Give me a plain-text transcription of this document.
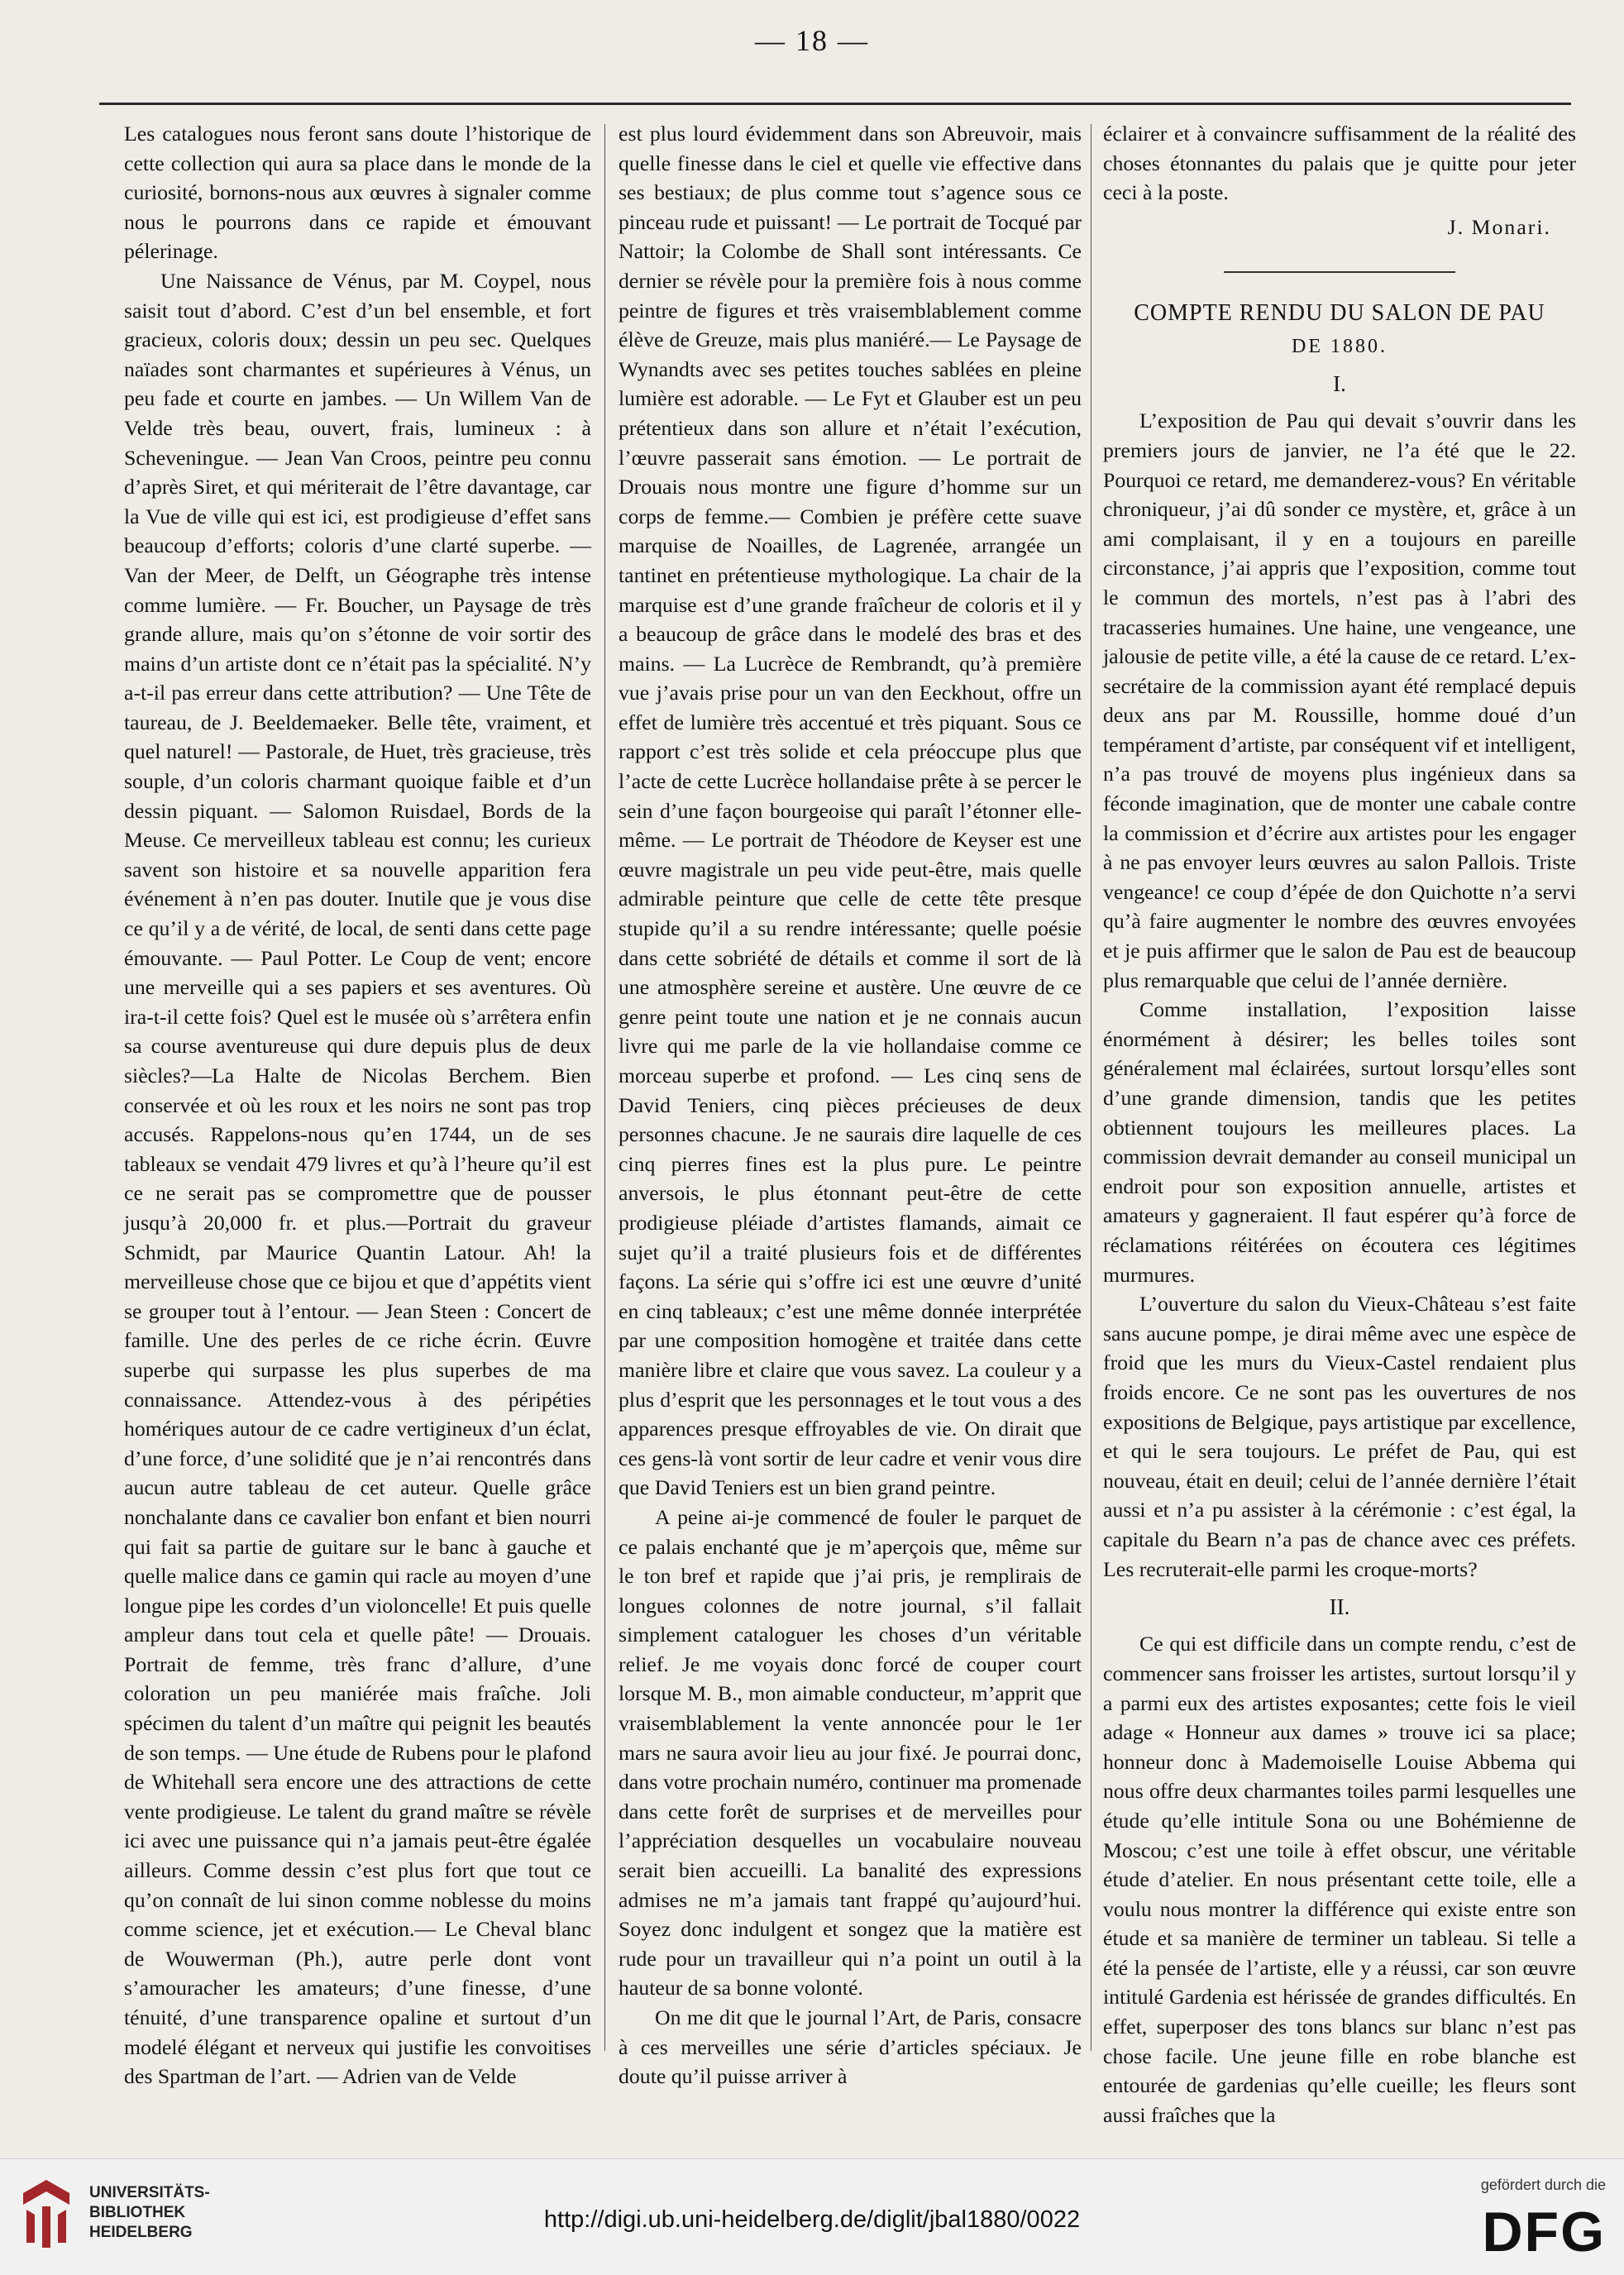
— 18 —

Les catalogues nous feront sans doute l’historique de cette collection qui aura sa place dans le monde de la curiosité, bornons-nous aux œuvres à signaler comme nous le pourrons dans ce rapide et émouvant pélerinage.

Une Naissance de Vénus, par M. Coypel, nous saisit tout d’abord. C’est d’un bel ensemble, et fort gracieux, coloris doux; dessin un peu sec. Quelques naïades sont charmantes et supérieures à Vénus, un peu fade et courte en jambes. — Un Willem Van de Velde très beau, ouvert, frais, lumineux : à Scheveningue. — Jean Van Croos, peintre peu connu d’après Siret, et qui mériterait de l’être davantage, car la Vue de ville qui est ici, est prodigieuse d’effet sans beaucoup d’efforts; coloris d’une clarté superbe. — Van der Meer, de Delft, un Géographe très intense comme lumière. — Fr. Boucher, un Paysage de très grande allure, mais qu’on s’étonne de voir sortir des mains d’un artiste dont ce n’était pas la spécialité. N’y a-t-il pas erreur dans cette attribution? — Une Tête de taureau, de J. Beeldemaeker. Belle tête, vraiment, et quel naturel! — Pastorale, de Huet, très gracieuse, très souple, d’un coloris charmant quoique faible et d’un dessin piquant. — Salomon Ruisdael, Bords de la Meuse. Ce merveilleux tableau est connu; les curieux savent son histoire et sa nouvelle apparition fera événement à n’en pas douter. Inutile que je vous dise ce qu’il y a de vérité, de local, de senti dans cette page émouvante. — Paul Potter. Le Coup de vent; encore une merveille qui a ses papiers et ses aventures. Où ira-t-il cette fois? Quel est le musée où s’arrêtera enfin sa course aventureuse qui dure depuis plus de deux siècles?—La Halte de Nicolas Berchem. Bien conservée et où les roux et les noirs ne sont pas trop accusés. Rappelons-nous qu’en 1744, un de ses tableaux se vendait 479 livres et qu’à l’heure qu’il est ce ne serait pas se compromettre que de pousser jusqu’à 20,000 fr. et plus.—Portrait du graveur Schmidt, par Maurice Quantin Latour. Ah! la merveilleuse chose que ce bijou et que d’appétits vient se grouper tout à l’entour. — Jean Steen : Concert de famille. Une des perles de ce riche écrin. Œuvre superbe qui surpasse les plus superbes de ma connaissance. Attendez-vous à des péripéties homériques autour de ce cadre vertigineux d’un éclat, d’une force, d’une solidité que je n’ai rencontrés dans aucun autre tableau de cet auteur. Quelle grâce nonchalante dans ce cavalier bon enfant et bien nourri qui fait sa partie de guitare sur le banc à gauche et quelle malice dans ce gamin qui racle au moyen d’une longue pipe les cordes d’un violoncelle! Et puis quelle ampleur dans tout cela et quelle pâte! — Drouais. Portrait de femme, très franc d’allure, d’une coloration un peu maniérée mais fraîche. Joli spécimen du talent d’un maître qui peignit les beautés de son temps. — Une étude de Rubens pour le plafond de Whitehall sera encore une des attractions de cette vente prodigieuse. Le talent du grand maître se révèle ici avec une puissance qui n’a jamais peut-être égalée ailleurs. Comme dessin c’est plus fort que tout ce qu’on connaît de lui sinon comme noblesse du moins comme science, jet et exécution.— Le Cheval blanc de Wouwerman (Ph.), autre perle dont vont s’amouracher les amateurs; d’une finesse, d’une ténuité, d’une transparence opaline et surtout d’un modelé élégant et nerveux qui justifie les convoitises des Spartman de l’art. — Adrien van de Velde

est plus lourd évidemment dans son Abreuvoir, mais quelle finesse dans le ciel et quelle vie effective dans ses bestiaux; de plus comme tout s’agence sous ce pinceau rude et puissant! — Le portrait de Tocqué par Nattoir; la Colombe de Shall sont intéressants. Ce dernier se révèle pour la première fois à nous comme peintre de figures et très vraisemblablement comme élève de Greuze, mais plus maniéré.— Le Paysage de Wynandts avec ses petites touches sablées en pleine lumière est adorable. — Le Fyt et Glauber est un peu prétentieux dans son allure et n’était l’exécution, l’œuvre passerait sans émotion. — Le portrait de Drouais nous montre une figure d’homme sur un corps de femme.— Combien je préfère cette suave marquise de Noailles, de Lagrenée, arrangée un tantinet en prétentieuse mythologique. La chair de la marquise est d’une grande fraîcheur de coloris et il y a beaucoup de grâce dans le modelé des bras et des mains. — La Lucrèce de Rembrandt, qu’à première vue j’avais prise pour un van den Eeckhout, offre un effet de lumière très accentué et très piquant. Sous ce rapport c’est très solide et cela préoccupe plus que l’acte de cette Lucrèce hollandaise prête à se percer le sein d’une façon bourgeoise qui paraît l’étonner elle-même. — Le portrait de Théodore de Keyser est une œuvre magistrale un peu vide peut-être, mais quelle admirable peinture que celle de cette tête presque stupide qu’il a su rendre intéressante; quelle poésie dans cette sobriété de détails et comme il sort de là une atmosphère sereine et austère. Une œuvre de ce genre peint toute une nation et je ne connais aucun livre qui me parle de la vie hollandaise comme ce morceau superbe et profond. — Les cinq sens de David Teniers, cinq pièces précieuses de deux personnes chacune. Je ne saurais dire laquelle de ces cinq pierres fines est la plus pure. Le peintre anversois, le plus étonnant peut-être de cette prodigieuse pléiade d’artistes flamands, aimait ce sujet qu’il a traité plusieurs fois et de différentes façons. La série qui s’offre ici est une œuvre d’unité en cinq tableaux; c’est une même donnée interprétée par une composition homogène et traitée dans cette manière libre et claire que vous savez. La couleur y a plus d’esprit que les personnages et le tout vous a des apparences presque effroyables de vie. On dirait que ces gens-là vont sortir de leur cadre et venir vous dire que David Teniers est un bien grand peintre.

A peine ai-je commencé de fouler le parquet de ce palais enchanté que je m’aperçois que, même sur le ton bref et rapide que j’ai pris, je remplirais de longues colonnes de notre journal, s’il fallait simplement cataloguer les choses d’un véritable relief. Je me voyais donc forcé de couper court lorsque M. B., mon aimable conducteur, m’apprit que vraisemblablement la vente annoncée pour le 1er mars ne saura avoir lieu au jour fixé. Je pourrai donc, dans votre prochain numéro, continuer ma promenade dans cette forêt de surprises et de merveilles pour l’appréciation desquelles un vocabulaire nouveau serait bien accueilli. La banalité des expressions admises ne m’a jamais tant frappé qu’aujourd’hui. Soyez donc indulgent et songez que la matière est rude pour un travailleur qui n’a point un outil à la hauteur de sa bonne volonté.

On me dit que le journal l’Art, de Paris, consacre à ces merveilles une série d’articles spéciaux. Je doute qu’il puisse arriver à

éclairer et à convaincre suffisamment de la réalité des choses étonnantes du palais que je quitte pour jeter ceci à la poste.

J. Monari.
COMPTE RENDU DU SALON DE PAU
DE 1880.
I.

L’exposition de Pau qui devait s’ouvrir dans les premiers jours de janvier, ne l’a été que le 22. Pourquoi ce retard, me demanderez-vous? En véritable chroniqueur, j’ai dû sonder ce mystère, et, grâce à un ami complaisant, il y en a toujours en pareille circonstance, j’ai appris que l’exposition, comme tout le commun des mortels, n’est pas à l’abri des tracasseries humaines. Une haine, une vengeance, une jalousie de petite ville, a été la cause de ce retard. L’ex-secrétaire de la commission ayant été remplacé depuis deux ans par M. Roussille, homme doué d’un tempérament d’artiste, par conséquent vif et intelligent, n’a pas trouvé de moyens plus ingénieux dans sa féconde imagination, que de monter une cabale contre la commission et d’écrire aux artistes pour les engager à ne pas envoyer leurs œuvres au salon Pallois. Triste vengeance! ce coup d’épée de don Quichotte n’a servi qu’à faire augmenter le nombre des œuvres envoyées et je puis affirmer que le salon de Pau est de beaucoup plus remarquable que celui de l’année dernière.

Comme installation, l’exposition laisse énormément à désirer; les belles toiles sont généralement mal éclairées, surtout lorsqu’elles sont d’une grande dimension, tandis que les petites obtiennent toujours les meilleures places. La commission devrait demander au conseil municipal un endroit pour son exposition annuelle, artistes et amateurs y gagneraient. Il faut espérer qu’à force de réclamations réitérées on écoutera ces légitimes murmures.

L’ouverture du salon du Vieux-Château s’est faite sans aucune pompe, je dirai même avec une espèce de froid que les murs du Vieux-Castel rendaient plus froids encore. Ce ne sont pas les ouvertures de nos expositions de Belgique, pays artistique par excellence, et qui le sera toujours. Le préfet de Pau, qui est nouveau, était en deuil; celui de l’année dernière l’était aussi et n’a pu assister à la cérémonie : c’est égal, la capitale du Bearn n’a pas de chance avec ces préfets. Les recruterait-elle parmi les croque-morts?

II.

Ce qui est difficile dans un compte rendu, c’est de commencer sans froisser les artistes, surtout lorsqu’il y a parmi eux des artistes exposantes; cette fois le vieil adage « Honneur aux dames » trouve ici sa place; honneur donc à Mademoiselle Louise Abbema qui nous offre deux charmantes toiles parmi lesquelles une étude qu’elle intitule Sona ou une Bohémienne de Moscou; c’est une toile à effet obscur, une véritable étude d’atelier. En nous présentant cette toile, elle a voulu nous montrer la différence qui existe entre son étude et sa manière de terminer un tableau. Si telle a été la pensée de l’artiste, elle y a réussi, car son œuvre intitulé Gardenia est hérissée de grandes difficultés. En effet, superposer des tons blancs sur blanc n’est pas chose facile. Une jeune fille en robe blanche est entourée de gardenias qu’elle cueille; les fleurs sont aussi fraîches que la

UNIVERSITÄTS-
BIBLIOTHEK
HEIDELBERG	http://digi.ub.uni-heidelberg.de/diglit/jbal1880/0022
gefördert durch die
DFG
